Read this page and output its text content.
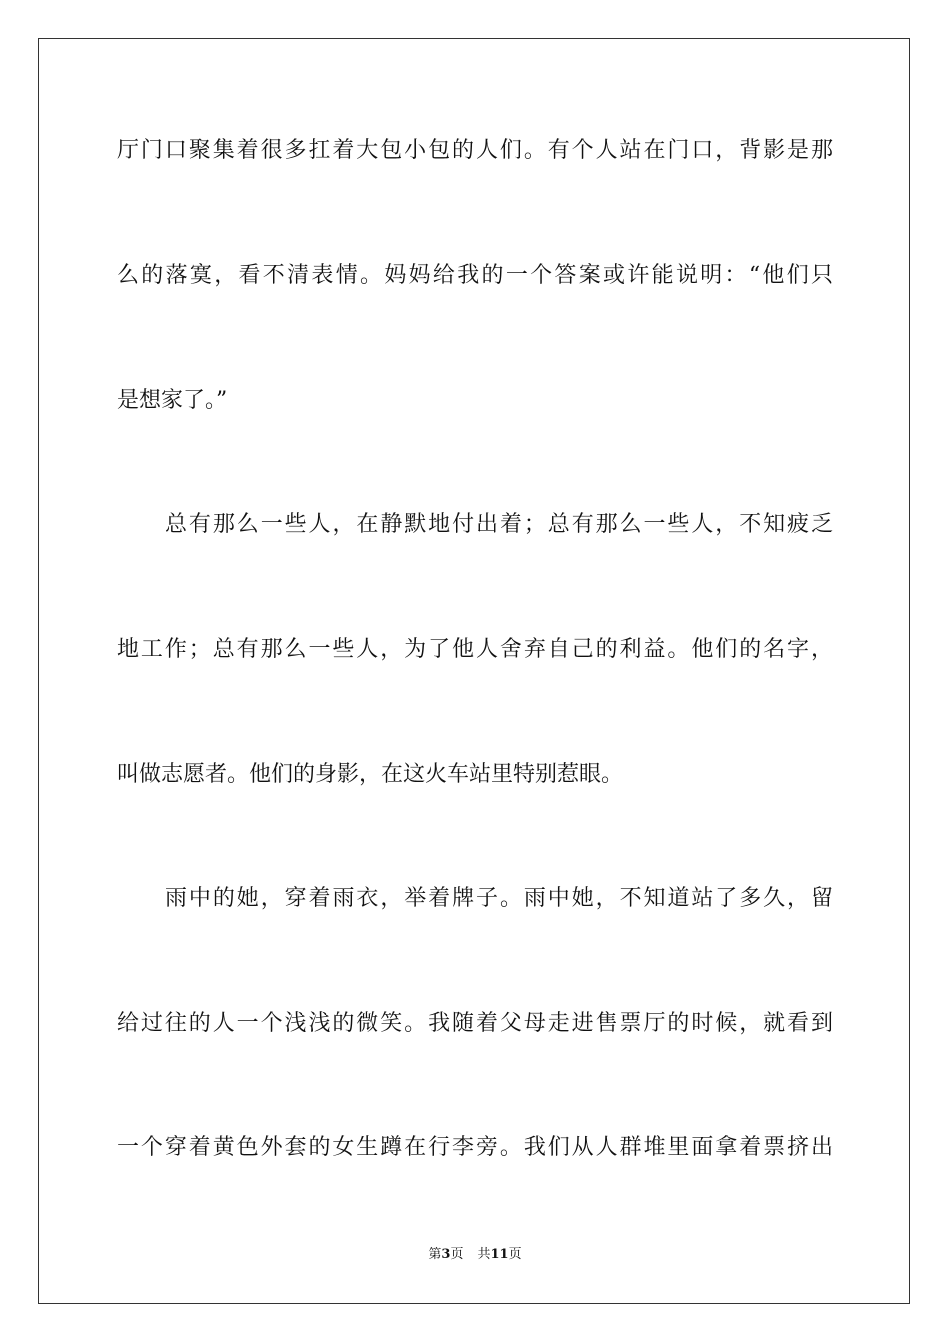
厅门口聚集着很多扛着大包小包的人们。有个人站在门口，背影是那
么的落寞，看不清表情。妈妈给我的一个答案或许能说明：“他们只
是想家了。”
总有那么一些人，在静默地付出着；总有那么一些人，不知疲乏
地工作；总有那么一些人，为了他人舍弃自己的利益。他们的名字，
叫做志愿者。他们的身影，在这火车站里特别惹眼。
雨中的她，穿着雨衣，举着牌子。雨中她，不知道站了多久，留
给过往的人一个浅浅的微笑。我随着父母走进售票厅的时候，就看到
一个穿着黄色外套的女生蹲在行李旁。我们从人群堆里面拿着票挤出
第3页 共11页
